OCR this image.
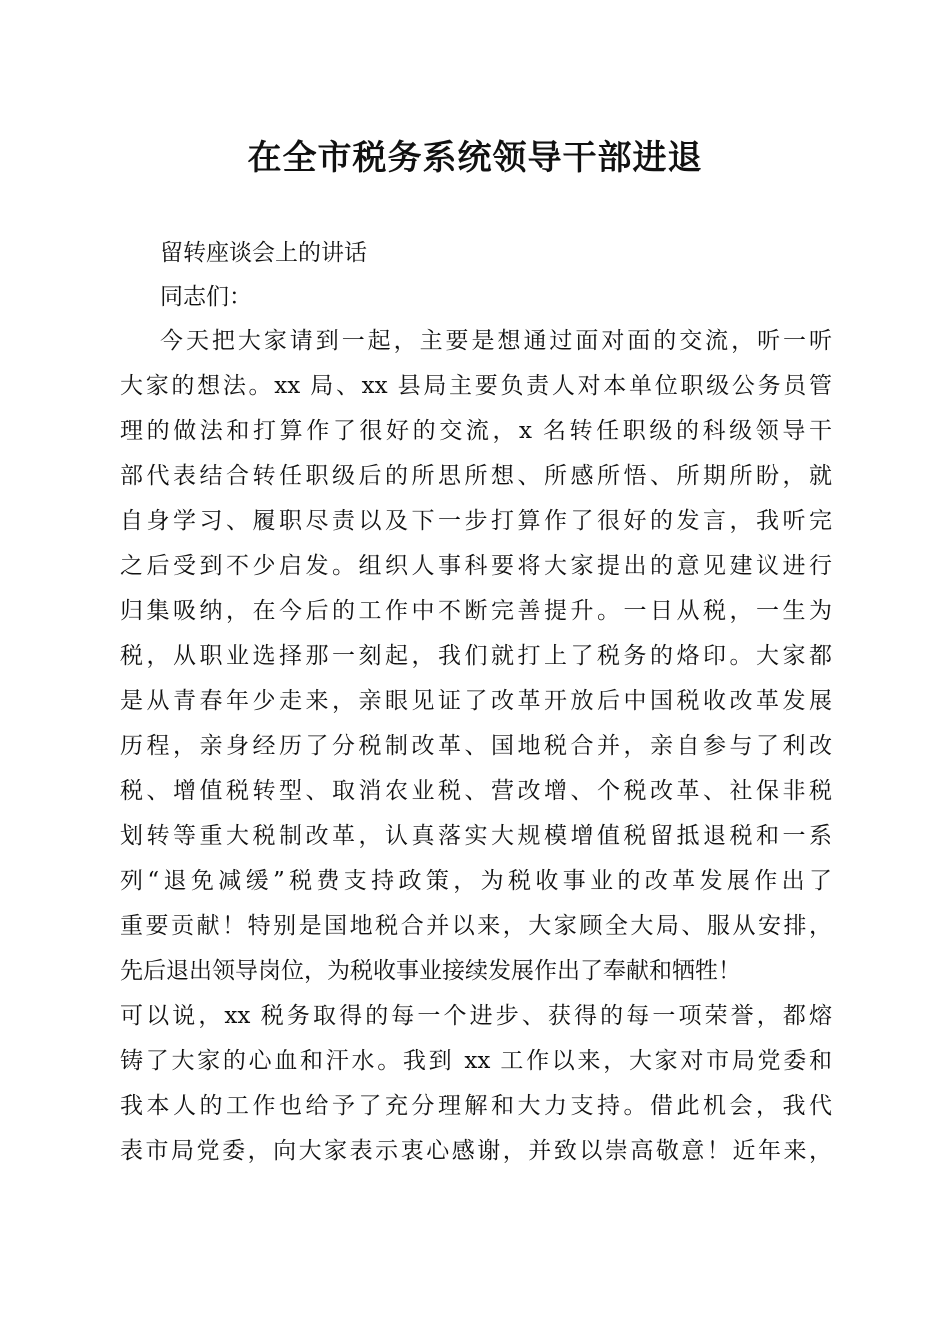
在全市税务系统领导干部进退
留转座谈会上的讲话
同志们：
今天把大家请到一起，主要是想通过面对面的交流，听一听
大家的想法。xx 局、xx 县局主要负责人对本单位职级公务员管
理的做法和打算作了很好的交流，x 名转任职级的科级领导干
部代表结合转任职级后的所思所想、所感所悟、所期所盼，就
自身学习、履职尽责以及下一步打算作了很好的发言，我听完
之后受到不少启发。组织人事科要将大家提出的意见建议进行
归集吸纳，在今后的工作中不断完善提升。一日从税，一生为
税，从职业选择那一刻起，我们就打上了税务的烙印。大家都
是从青春年少走来，亲眼见证了改革开放后中国税收改革发展
历程，亲身经历了分税制改革、国地税合并，亲自参与了利改
税、增值税转型、取消农业税、营改增、个税改革、社保非税
划转等重大税制改革，认真落实大规模增值税留抵退税和一系
列“退免减缓”税费支持政策，为税收事业的改革发展作出了
重要贡献！特别是国地税合并以来，大家顾全大局、服从安排，
先后退出领导岗位，为税收事业接续发展作出了奉献和牺牲！
可以说，xx 税务取得的每一个进步、获得的每一项荣誉，都熔
铸了大家的心血和汗水。我到 xx 工作以来，大家对市局党委和
我本人的工作也给予了充分理解和大力支持。借此机会，我代
表市局党委，向大家表示衷心感谢，并致以崇高敬意！近年来，
